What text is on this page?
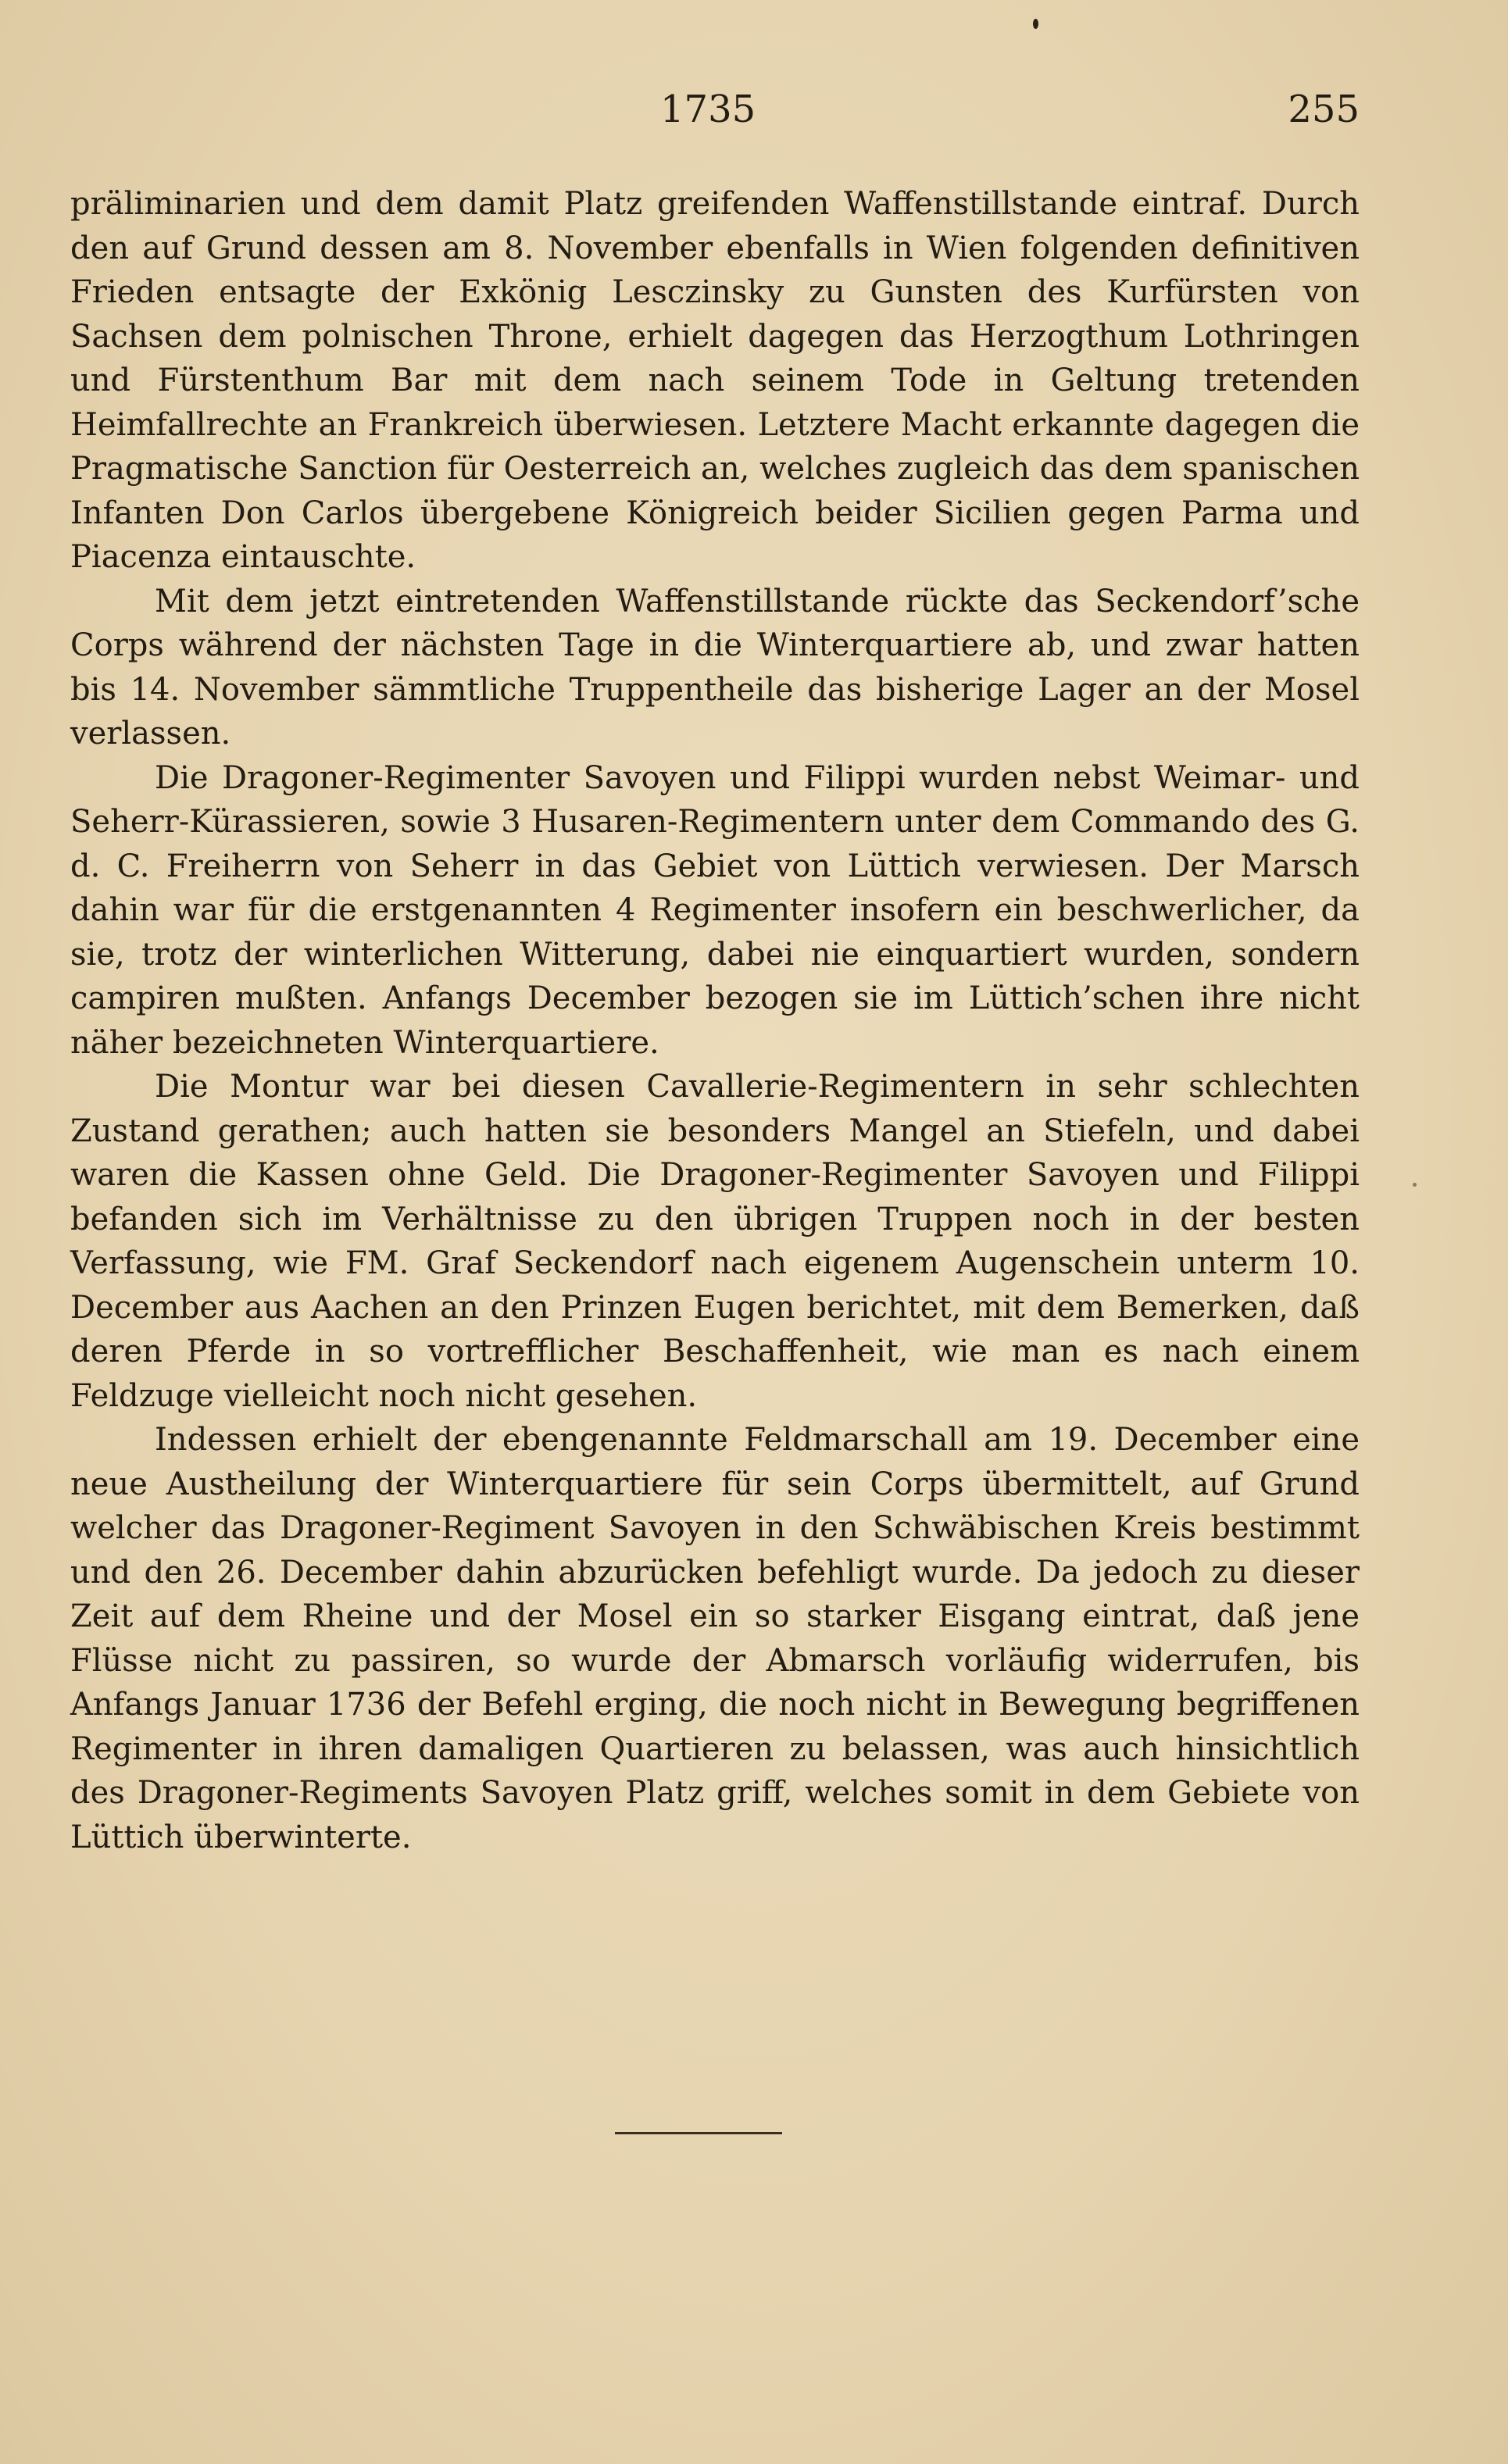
1735	255

präliminarien und dem damit Platz greifenden Waffenstillstande eintraf. Durch den auf Grund dessen am 8. November ebenfalls in Wien folgenden definitiven Frieden entsagte der Exkönig Lesczinsky zu Gunsten des Kurfürsten von Sachsen dem polnischen Throne, erhielt dagegen das Herzogthum Lothringen und Fürstenthum Bar mit dem nach seinem Tode in Geltung tretenden Heimfallrechte an Frankreich überwiesen. Letztere Macht erkannte dagegen die Pragmatische Sanction für Oesterreich an, welches zugleich das dem spanischen Infanten Don Carlos übergebene Königreich beider Sicilien gegen Parma und Piacenza eintauschte.

Mit dem jetzt eintretenden Waffenstillstande rückte das Seckendorf’sche Corps während der nächsten Tage in die Winterquartiere ab, und zwar hatten bis 14. November sämmtliche Truppentheile das bisherige Lager an der Mosel verlassen.

Die Dragoner-Regimenter Savoyen und Filippi wurden nebst Weimar- und Seherr-Kürassieren, sowie 3 Husaren-Regimentern unter dem Commando des G. d. C. Freiherrn von Seherr in das Gebiet von Lüttich verwiesen. Der Marsch dahin war für die erstgenannten 4 Regimenter insofern ein beschwerlicher, da sie, trotz der winterlichen Witterung, dabei nie einquartiert wurden, sondern campiren mußten. Anfangs December bezogen sie im Lüttich’schen ihre nicht näher bezeichneten Winterquartiere.

Die Montur war bei diesen Cavallerie-Regimentern in sehr schlechten Zustand gerathen; auch hatten sie besonders Mangel an Stiefeln, und dabei waren die Kassen ohne Geld. Die Dragoner-Regimenter Savoyen und Filippi befanden sich im Verhältnisse zu den übrigen Truppen noch in der besten Verfassung, wie FM. Graf Seckendorf nach eigenem Augenschein unterm 10. December aus Aachen an den Prinzen Eugen berichtet, mit dem Bemerken, daß deren Pferde in so vortrefflicher Beschaffenheit, wie man es nach einem Feldzuge vielleicht noch nicht gesehen.

Indessen erhielt der ebengenannte Feldmarschall am 19. December eine neue Austheilung der Winterquartiere für sein Corps übermittelt, auf Grund welcher das Dragoner-Regiment Savoyen in den Schwäbischen Kreis bestimmt und den 26. December dahin abzurücken befehligt wurde. Da jedoch zu dieser Zeit auf dem Rheine und der Mosel ein so starker Eisgang eintrat, daß jene Flüsse nicht zu passiren, so wurde der Abmarsch vorläufig widerrufen, bis Anfangs Januar 1736 der Befehl erging, die noch nicht in Bewegung begriffenen Regimenter in ihren damaligen Quartieren zu belassen, was auch hinsichtlich des Dragoner-Regiments Savoyen Platz griff, welches somit in dem Gebiete von Lüttich überwinterte.
